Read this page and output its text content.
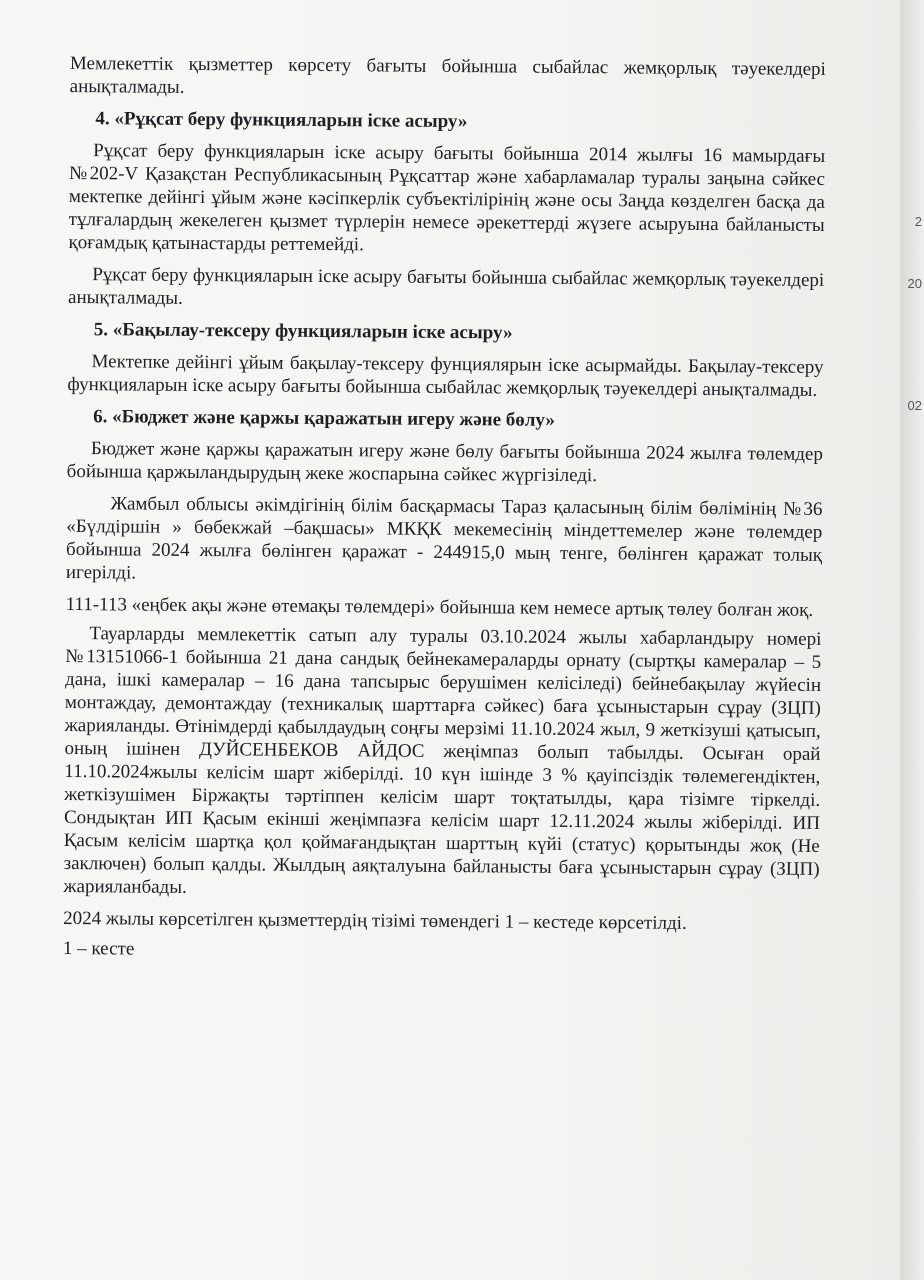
Мемлекеттік қызметтер көрсету бағыты бойынша сыбайлас жемқорлық тәуекелдері анықталмады.

4. «Рұқсат беру функцияларын іске асыру»

Рұқсат беру функцияларын іске асыру бағыты бойынша 2014 жылғы 16 мамырдағы №202-V Қазақстан Республикасының Рұқсаттар және хабарламалар туралы заңына сәйкес мектепке дейінгі ұйым және кәсіпкерлік субъектілірінің және осы Заңда көзделген басқа да тұлғалардың жекелеген қызмет түрлерін немесе әрекеттерді жүзеге асыруына байланысты қоғамдық қатынастарды реттемейді.

Рұқсат беру функцияларын іске асыру бағыты бойынша сыбайлас жемқорлық тәуекелдері анықталмады.

5. «Бақылау-тексеру функцияларын іске асыру»

Мектепке дейінгі ұйым бақылау-тексеру фунциялярын іске асырмайды. Бақылау-тексеру функцияларын іске асыру бағыты бойынша сыбайлас жемқорлық тәуекелдері анықталмады.

6. «Бюджет және қаржы қаражатын игеру және бөлу»

Бюджет және қаржы қаражатын игеру және бөлу бағыты бойынша 2024 жылға төлемдер бойынша қаржыландырудың жеке жоспарына сәйкес жүргізіледі.

Жамбыл облысы әкімдігінің білім басқармасы Тараз қаласының білім бөлімінің №36 «Бүлдіршін » бөбекжай –бақшасы» МКҚК мекемесінің міндеттемелер және төлемдер бойынша 2024 жылға бөлінген қаражат - 244915,0 мың тенге, бөлінген қаражат толық игерілді.

111-113 «еңбек ақы және өтемақы төлемдері» бойынша кем немесе артық төлеу болған жоқ.

Тауарларды мемлекеттік сатып алу туралы 03.10.2024 жылы хабарландыру номері №13151066-1 бойынша 21 дана сандық бейнекамераларды орнату (сыртқы камералар – 5 дана, ішкі камералар – 16 дана тапсырыс берушімен келісіледі) бейнебақылау жүйесін монтаждау, демонтаждау (техникалық шарттарға сәйкес) баға ұсыныстарын сұрау (ЗЦП) жарияланды. Өтінімдерді қабылдаудың соңғы мерзімі 11.10.2024 жыл, 9 жеткізуші қатысып, оның ішінен ДУЙСЕНБЕКОВ АЙДОС жеңімпаз болып табылды. Осыған орай 11.10.2024жылы келісім шарт жіберілді. 10 күн ішінде 3 % қауіпсіздік төлемегендіктен, жеткізушімен Біржақты тәртіппен келісім шарт тоқтатылды, қара тізімге тіркелді. Сондықтан ИП Қасым екінші жеңімпазға келісім шарт 12.11.2024 жылы жіберілді. ИП Қасым келісім шартқа қол қоймағандықтан шарттың күйі (статус) қорытынды жоқ (Не заключен) болып қалды. Жылдың аяқталуына байланысты баға ұсыныстарын сұрау (ЗЦП) жарияланбады.

2024 жылы көрсетілген қызметтердің тізімі төмендегі 1 – кестеде көрсетілді.

1 – кесте

2
20
02
